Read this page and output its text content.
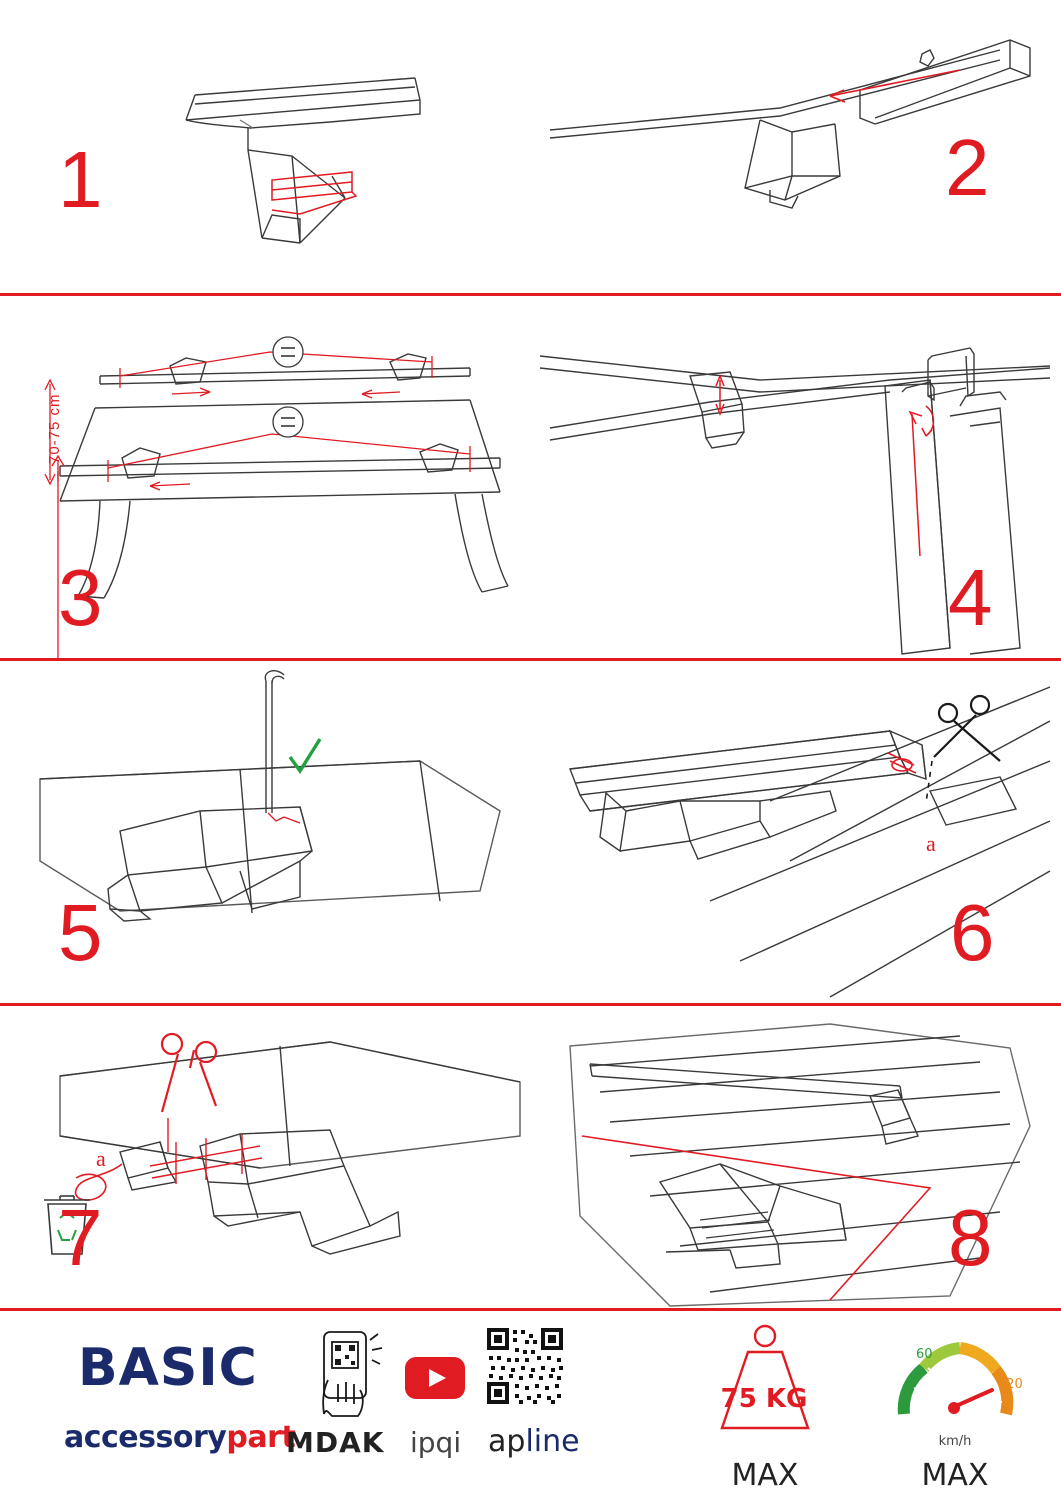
1	2
70-75 cm
3	4
5
a
6
a
7	8
BASIC
accessorypart
MDAK ipqi apline
75 KG
MAX
60
120
km/h
MAX
